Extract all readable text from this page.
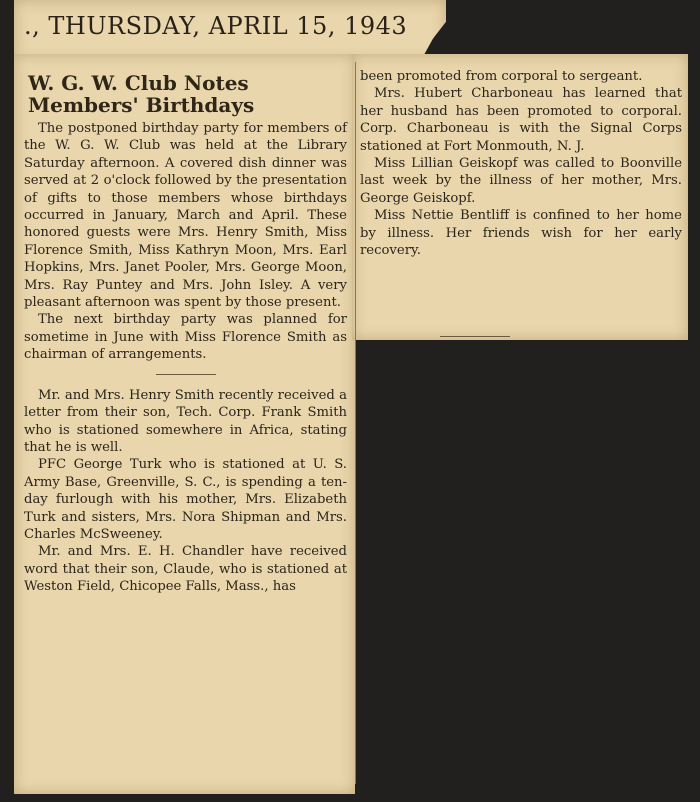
., THURSDAY, APRIL 15, 1943
W. G. W. Club Notes
Members' Birthdays

The postponed birthday party for members of the W. G. W. Club was held at the Library Saturday afternoon. A covered dish dinner was served at 2 o'clock followed by the presentation of gifts to those members whose birthdays occurred in January, March and April. These honored guests were Mrs. Henry Smith, Miss Florence Smith, Miss Kathryn Moon, Mrs. Earl Hopkins, Mrs. Janet Pooler, Mrs. George Moon, Mrs. Ray Puntey and Mrs. John Isley. A very pleasant afternoon was spent by those present.

The next birthday party was planned for sometime in June with Miss Florence Smith as chairman of arrangements.

Mr. and Mrs. Henry Smith recently received a letter from their son, Tech. Corp. Frank Smith who is stationed somewhere in Africa, stating that he is well.

PFC George Turk who is stationed at U. S. Army Base, Greenville, S. C., is spending a ten-day furlough with his mother, Mrs. Elizabeth Turk and sisters, Mrs. Nora Shipman and Mrs. Charles McSweeney.

Mr. and Mrs. E. H. Chandler have received word that their son, Claude, who is stationed at Weston Field, Chicopee Falls, Mass., has

been promoted from corporal to sergeant.

Mrs. Hubert Charboneau has learned that her husband has been promoted to corporal. Corp. Charboneau is with the Signal Corps stationed at Fort Monmouth, N. J.

Miss Lillian Geiskopf was called to Boonville last week by the illness of her mother, Mrs. George Geiskopf.

Miss Nettie Bentliff is confined to her home by illness. Her friends wish for her early recovery.
